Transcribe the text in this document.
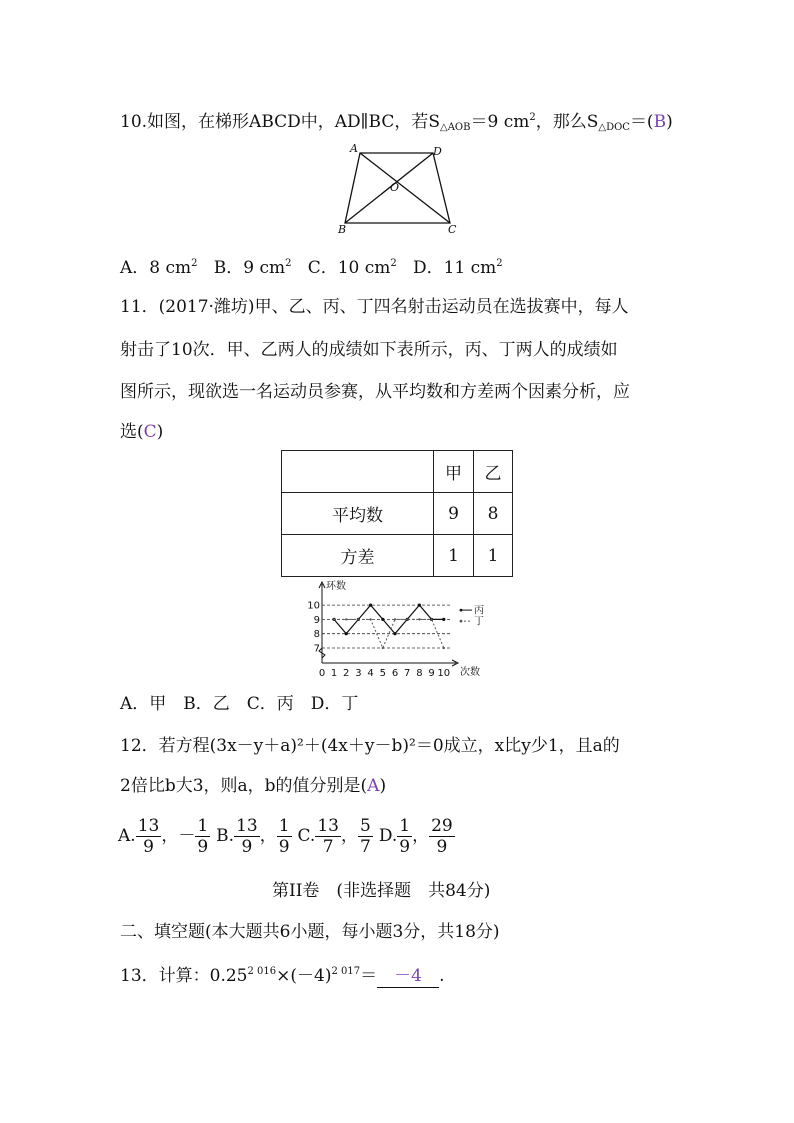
10.如图，在梯形ABCD中，AD∥BC，若$S_{\triangle AOB}=9$ $cm^2$，那么$S_{\triangle DOC}=(B)$
A	D
O
B	C
A．8 $cm^2$ B．9 $cm^2$ C．10 $cm^2$ D．11 $cm^2$
11．(2017·潍坊)甲、乙、丙、丁四名射击运动员在选拔赛中，每人
射击了10次．甲、乙两人的成绩如下表所示，丙、丁两人的成绩如
图所示，现欲选一名运动员参赛，从平均数和方差两个因素分析，应
选(C)
	甲	乙
平均数	9	8
方差	1	1
7
8
9
10
0 1 2 3 4 5 6 7 8 9 10
环数
次数
丙
丁
A．甲　B．乙　C．丙　D．丁
12．若方程(3x－y＋a)²＋(4x＋y－b)²＝0成立，x比y少1，且a的
2倍比b大3，则a，b的值分别是(A)
A. $\frac{13}{9}$ ，－ $\frac{1}{9} B$. $\frac{13}{9}$ ， $\frac{1}{9} C$. $\frac{13}{7}$ ， $\frac{5}{7} D$. $\frac{1}{9}$ ， $\frac{29}{9}$
第II卷　(非选择题　共84分)
二、填空题(本大题共6小题，每小题3分，共18分)
13．计算：$0.25^{2 016}\times(-4)^{2 017}= -4$ .
